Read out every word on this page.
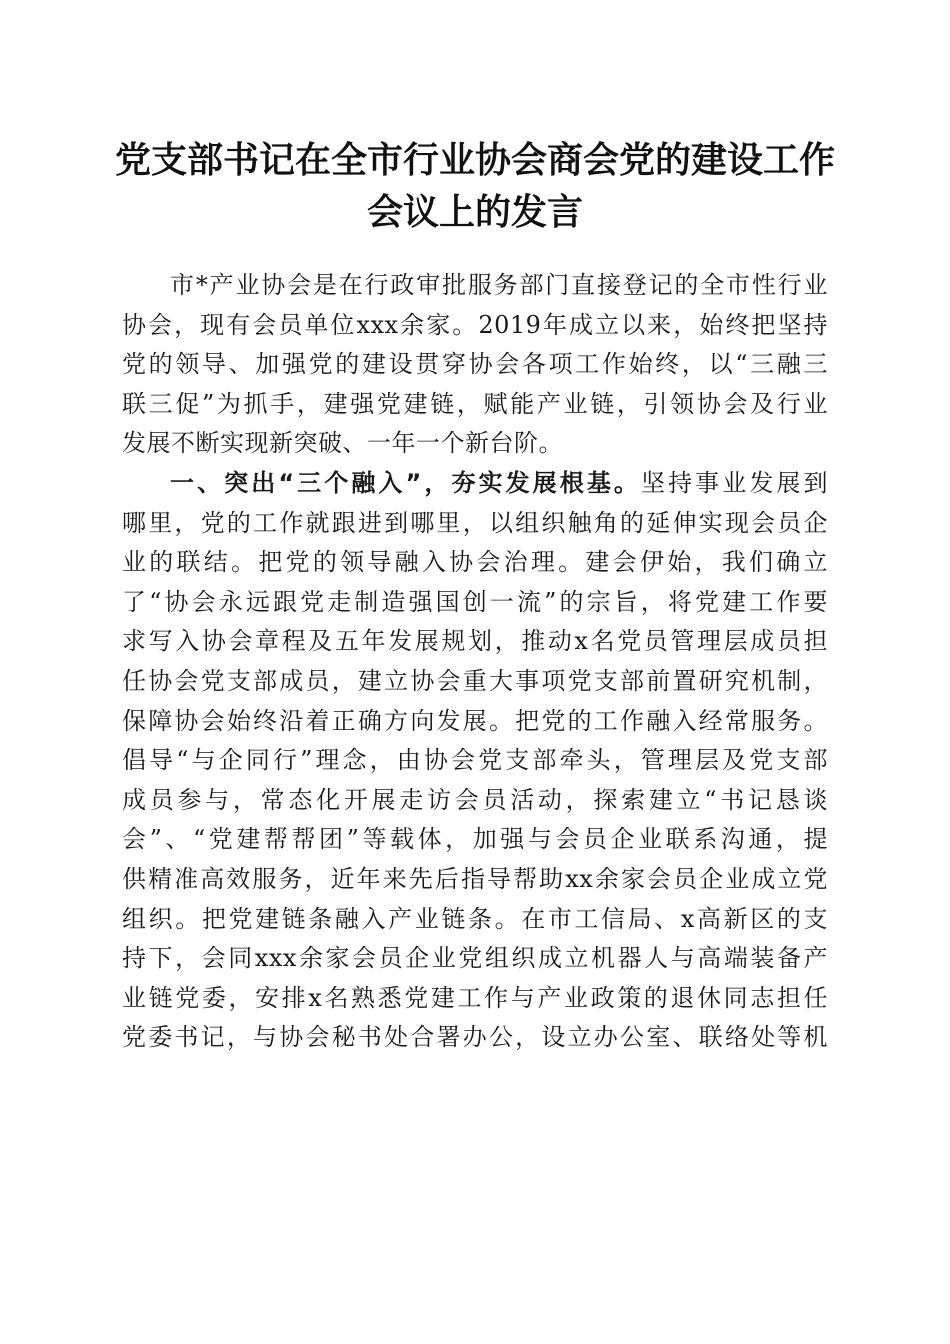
党支部书记在全市行业协会商会党的建设工作
会议上的发言
市*产业协会是在行政审批服务部门直接登记的全市性行业
协会，现有会员单位xxx余家。2019年成立以来，始终把坚持
党的领导、加强党的建设贯穿协会各项工作始终，以“三融三
联三促”为抓手，建强党建链，赋能产业链，引领协会及行业
发展不断实现新突破、一年一个新台阶。
一、突出“三个融入”，夯实发展根基。坚持事业发展到
哪里，党的工作就跟进到哪里，以组织触角的延伸实现会员企
业的联结。把党的领导融入协会治理。建会伊始，我们确立
了“协会永远跟党走制造强国创一流”的宗旨，将党建工作要
求写入协会章程及五年发展规划，推动x名党员管理层成员担
任协会党支部成员，建立协会重大事项党支部前置研究机制，
保障协会始终沿着正确方向发展。把党的工作融入经常服务。
倡导“与企同行”理念，由协会党支部牵头，管理层及党支部
成员参与，常态化开展走访会员活动，探索建立“书记恳谈
会”、“党建帮帮团”等载体，加强与会员企业联系沟通，提
供精准高效服务，近年来先后指导帮助xx余家会员企业成立党
组织。把党建链条融入产业链条。在市工信局、x高新区的支
持下，会同xxx余家会员企业党组织成立机器人与高端装备产
业链党委，安排x名熟悉党建工作与产业政策的退休同志担任
党委书记，与协会秘书处合署办公，设立办公室、联络处等机
